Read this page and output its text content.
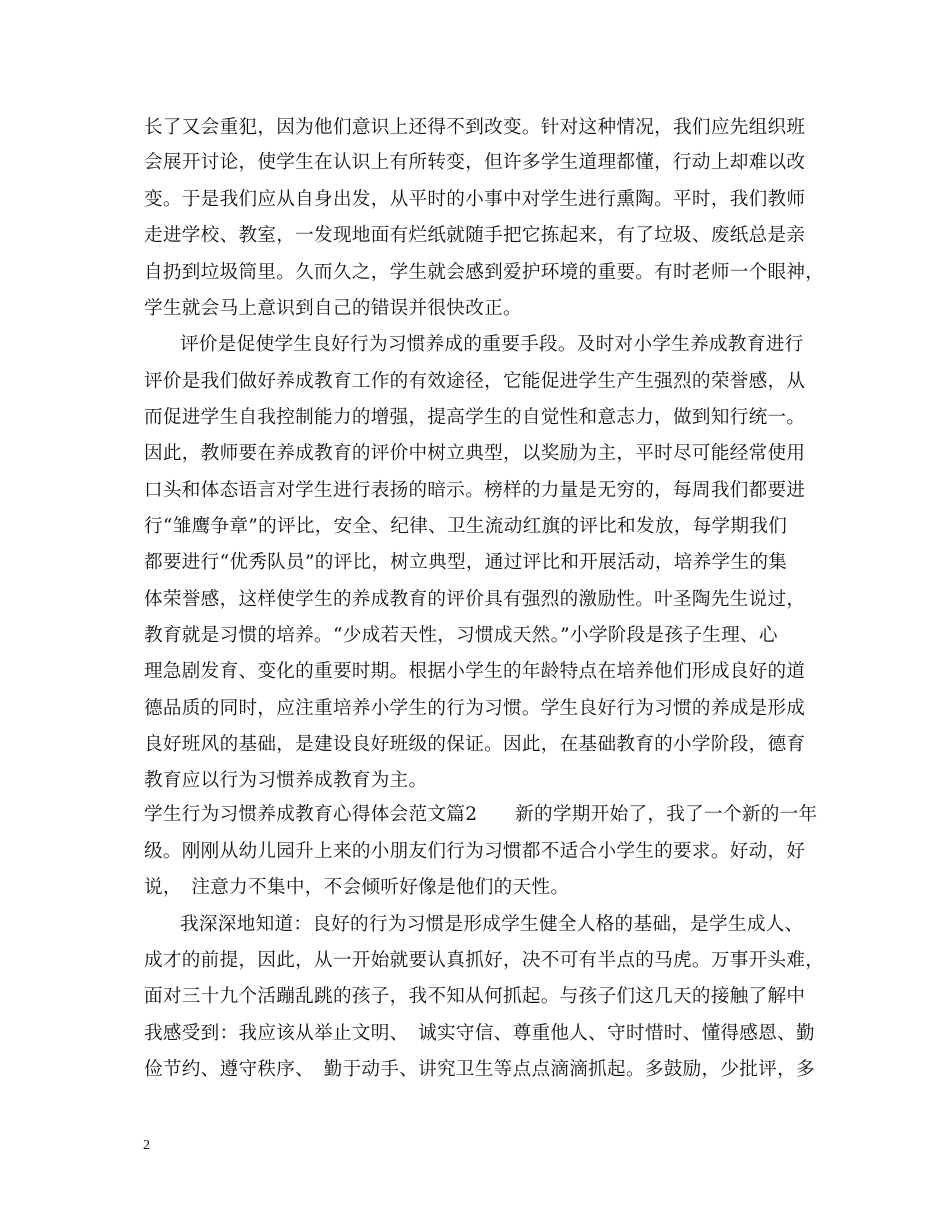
长了又会重犯，因为他们意识上还得不到改变。针对这种情况，我们应先组织班
会展开讨论，使学生在认识上有所转变，但许多学生道理都懂，行动上却难以改
变。于是我们应从自身出发，从平时的小事中对学生进行熏陶。平时，我们教师
走进学校、教室，一发现地面有烂纸就随手把它拣起来，有了垃圾、废纸总是亲
自扔到垃圾筒里。久而久之，学生就会感到爱护环境的重要。有时老师一个眼神，
学生就会马上意识到自己的错误并很快改正。
评价是促使学生良好行为习惯养成的重要手段。及时对小学生养成教育进行
评价是我们做好养成教育工作的有效途径，它能促进学生产生强烈的荣誉感，从
而促进学生自我控制能力的增强，提高学生的自觉性和意志力，做到知行统一。
因此，教师要在养成教育的评价中树立典型，以奖励为主，平时尽可能经常使用
口头和体态语言对学生进行表扬的暗示。榜样的力量是无穷的，每周我们都要进
行“雏鹰争章”的评比，安全、纪律、卫生流动红旗的评比和发放，每学期我们
都要进行“优秀队员”的评比，树立典型，通过评比和开展活动，培养学生的集
体荣誉感，这样使学生的养成教育的评价具有强烈的激励性。叶圣陶先生说过，
教育就是习惯的培养。“少成若天性，习惯成天然。”小学阶段是孩子生理、心
理急剧发育、变化的重要时期。根据小学生的年龄特点在培养他们形成良好的道
德品质的同时，应注重培养小学生的行为习惯。学生良好行为习惯的养成是形成
良好班风的基础，是建设良好班级的保证。因此，在基础教育的小学阶段，德育
教育应以行为习惯养成教育为主。
学生行为习惯养成教育心得体会范文篇2　　新的学期开始了，我了一个新的一年
级。刚刚从幼儿园升上来的小朋友们行为习惯都不适合小学生的要求。好动，好
说，　注意力不集中，不会倾听好像是他们的天性。
我深深地知道：良好的行为习惯是形成学生健全人格的基础，是学生成人、
成才的前提，因此，从一开始就要认真抓好，决不可有半点的马虎。万事开头难，
面对三十九个活蹦乱跳的孩子，我不知从何抓起。与孩子们这几天的接触了解中
我感受到：我应该从举止文明、　诚实守信、尊重他人、守时惜时、懂得感恩、勤
俭节约、遵守秩序、　勤于动手、讲究卫生等点点滴滴抓起。多鼓励，少批评，多
2
